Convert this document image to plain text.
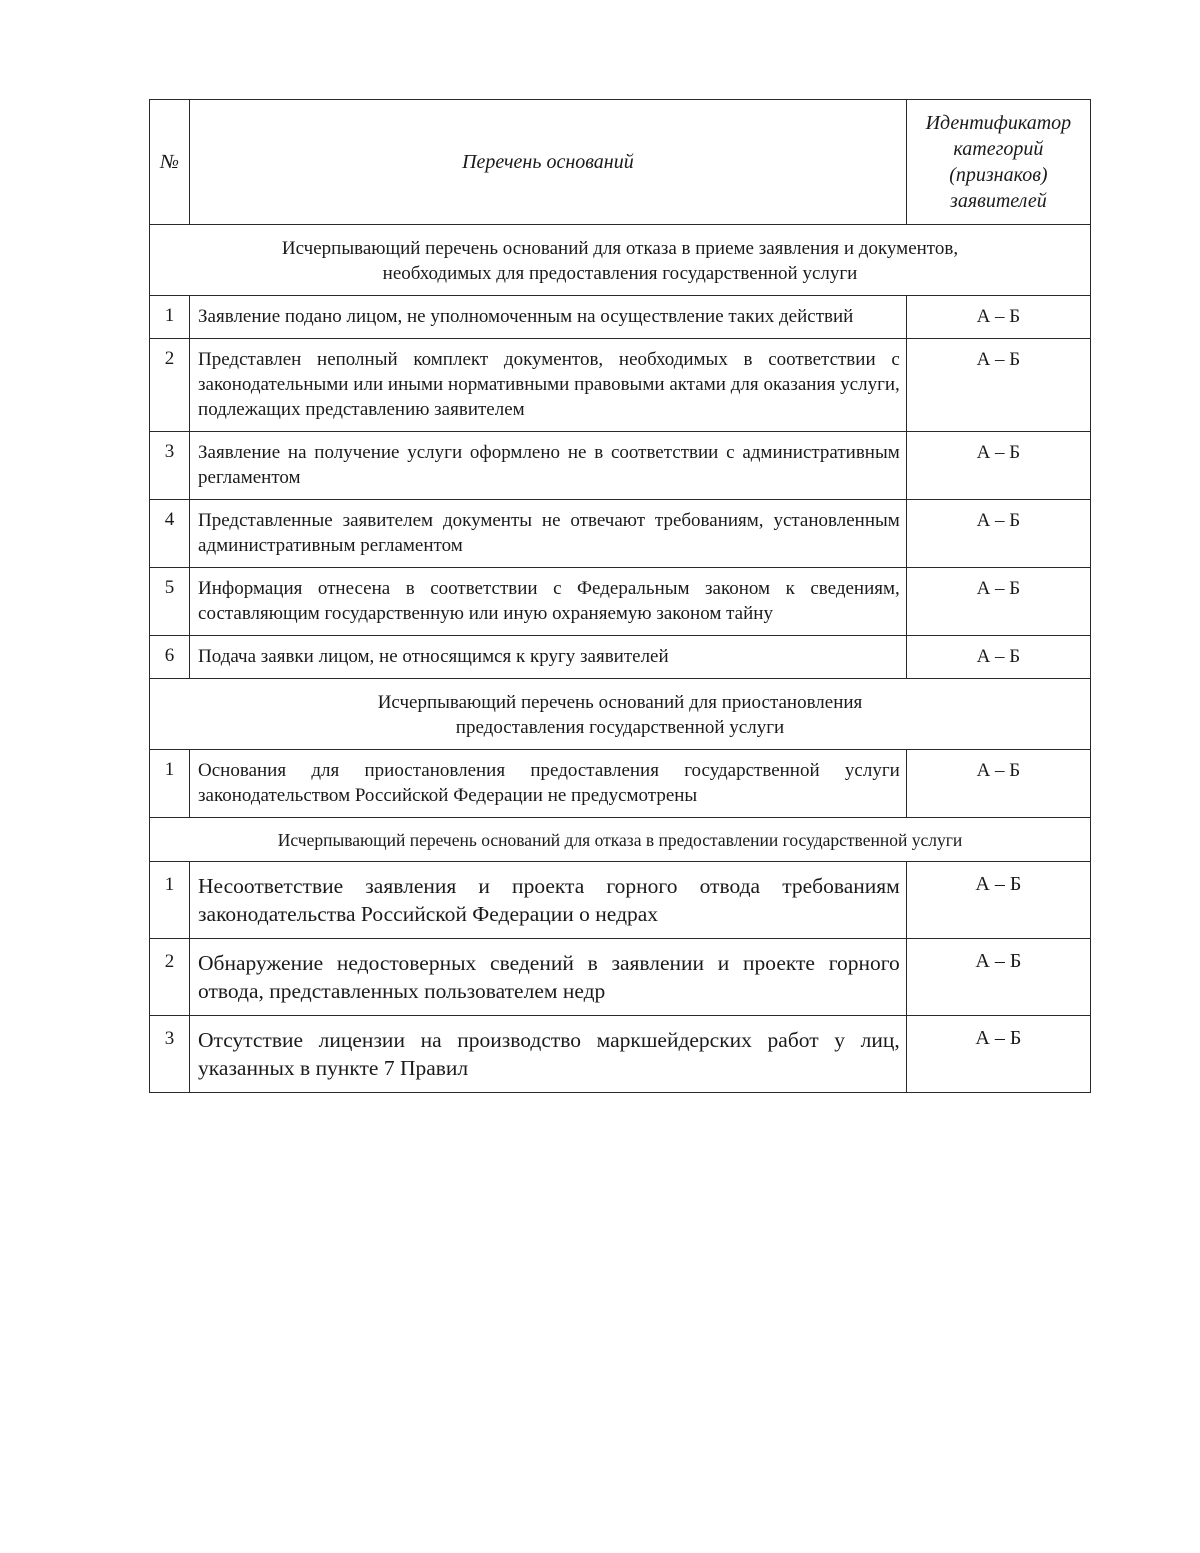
№	Перечень оснований	Идентификатор
категорий
(признаков)
заявителей
Исчерпывающий перечень оснований для отказа в приеме заявления и документов,
необходимых для предоставления государственной услуги		
1	Заявление подано лицом, не уполномоченным на осуществление таких действий	А – Б
2	Представлен неполный комплект документов, необходимых в соответствии с законодательными или иными нормативными правовыми актами для оказания услуги, подлежащих представлению заявителем	А – Б
3	Заявление на получение услуги оформлено не в соответствии с административным регламентом	А – Б
4	Представленные заявителем документы не отвечают требованиям, установленным административным регламентом	А – Б
5	Информация отнесена в соответствии с Федеральным законом к сведениям, составляющим государственную или иную охраняемую законом тайну	А – Б
6	Подача заявки лицом, не относящимся к кругу заявителей	А – Б
Исчерпывающий перечень оснований для приостановления
предоставления государственной услуги		
1	Основания для приостановления предоставления государственной услуги законодательством Российской Федерации не предусмотрены	А – Б
Исчерпывающий перечень оснований для отказа в предоставлении государственной услуги		
1	Несоответствие заявления и проекта горного отвода требованиям законодательства Российской Федерации о недрах	А – Б
2	Обнаружение недостоверных сведений в заявлении и проекте горного отвода, представленных пользователем недр	А – Б
3	Отсутствие лицензии на производство маркшейдерских работ у лиц, указанных в пункте 7 Правил	А – Б
